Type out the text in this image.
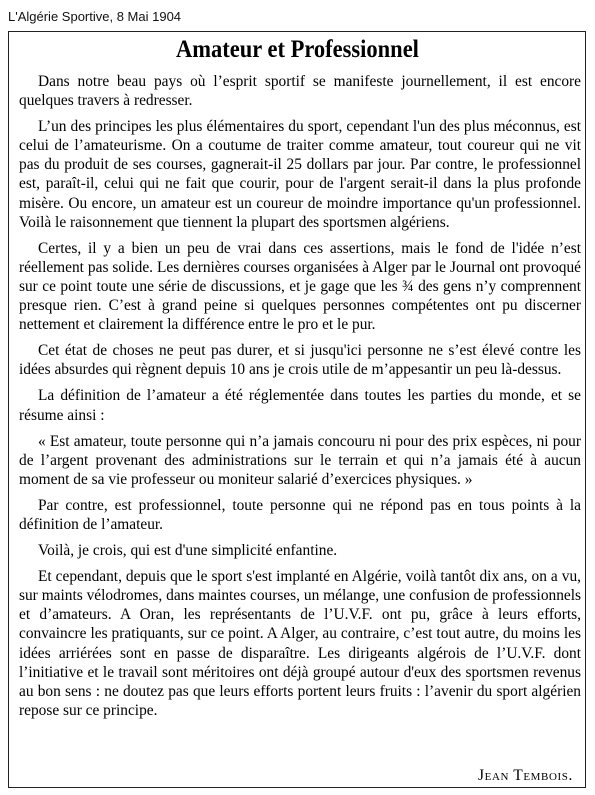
L'Algérie Sportive, 8 Mai 1904
Amateur et Professionnel

Dans notre beau pays où l’esprit sportif se manifeste journellement, il est encore quelques travers à redresser.

L’un des principes les plus élémentaires du sport, cependant l'un des plus méconnus, est celui de l’amateurisme. On a coutume de traiter comme amateur, tout coureur qui ne vit pas du produit de ses courses, gagnerait-il 25 dollars par jour. Par contre, le professionnel est, paraît-il, celui qui ne fait que courir, pour de l'argent serait-il dans la plus profonde misère. Ou encore, un amateur est un coureur de moindre importance qu'un professionnel. Voilà le raisonnement que tiennent la plupart des sportsmen algériens.

Certes, il y a bien un peu de vrai dans ces assertions, mais le fond de l'idée n’est réellement pas solide. Les dernières courses organisées à Alger par le Journal ont provoqué sur ce point toute une série de discussions, et je gage que les ¾ des gens n’y comprennent presque rien. C’est à grand peine si quelques personnes compétentes ont pu discerner nettement et clairement la différence entre le pro et le pur.

Cet état de choses ne peut pas durer, et si jusqu'ici personne ne s’est élevé contre les idées absurdes qui règnent depuis 10 ans je crois utile de m’appesantir un peu là-dessus.

La définition de l’amateur a été réglementée dans toutes les parties du monde, et se résume ainsi :

« Est amateur, toute personne qui n’a jamais concouru ni pour des prix espèces, ni pour de l’argent provenant des administrations sur le terrain et qui n’a jamais été à aucun moment de sa vie professeur ou moniteur salarié d’exercices physiques. »

Par contre, est professionnel, toute personne qui ne répond pas en tous points à la définition de l’amateur.

Voilà, je crois, qui est d'une simplicité enfantine.

Et cependant, depuis que le sport s'est implanté en Algérie, voilà tantôt dix ans, on a vu, sur maints vélodromes, dans maintes courses, un mélange, une confusion de professionnels et d’amateurs. A Oran, les représentants de l’U.V.F. ont pu, grâce à leurs efforts, convaincre les pratiquants, sur ce point. A Alger, au contraire, c’est tout autre, du moins les idées arriérées sont en passe de disparaître. Les dirigeants algérois de l’U.V.F. dont l’initiative et le travail sont méritoires ont déjà groupé autour d'eux des sportsmen revenus au bon sens : ne doutez pas que leurs efforts portent leurs fruits : l’avenir du sport algérien repose sur ce principe.

Jean Tembois.
